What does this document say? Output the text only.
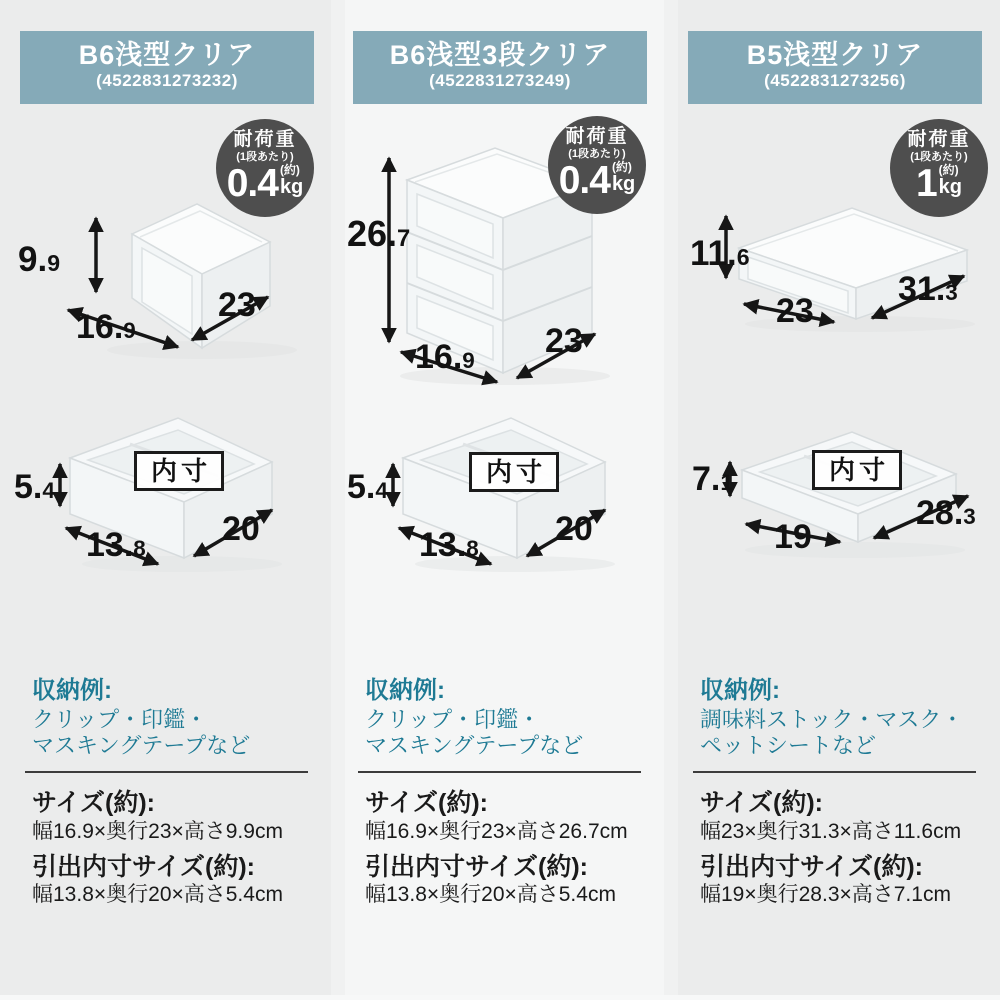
B6浅型クリア
(4522831273232)
耐荷重
(1段あたり)
0.4 (約)
kg
9.9
16.9
23
内寸
5.4
13.8
20
収納例:
クリップ・印鑑・
マスキングテープなど
サイズ(約):
幅16.9×奥行23×高さ9.9cm
引出内寸サイズ(約):
幅13.8×奥行20×高さ5.4cm
B6浅型3段クリア
(4522831273249)
耐荷重
(1段あたり)
0.4 (約)
kg
26.7
16.9
23
内寸
5.4
13.8
20
収納例:
クリップ・印鑑・
マスキングテープなど
サイズ(約):
幅16.9×奥行23×高さ26.7cm
引出内寸サイズ(約):
幅13.8×奥行20×高さ5.4cm
B5浅型クリア
(4522831273256)
耐荷重
(1段あたり)
1 (約)
kg
11.6
23
31.3
内寸
7.1
19
28.3
収納例:
調味料ストック・マスク・
ペットシートなど
サイズ(約):
幅23×奥行31.3×高さ11.6cm
引出内寸サイズ(約):
幅19×奥行28.3×高さ7.1cm
